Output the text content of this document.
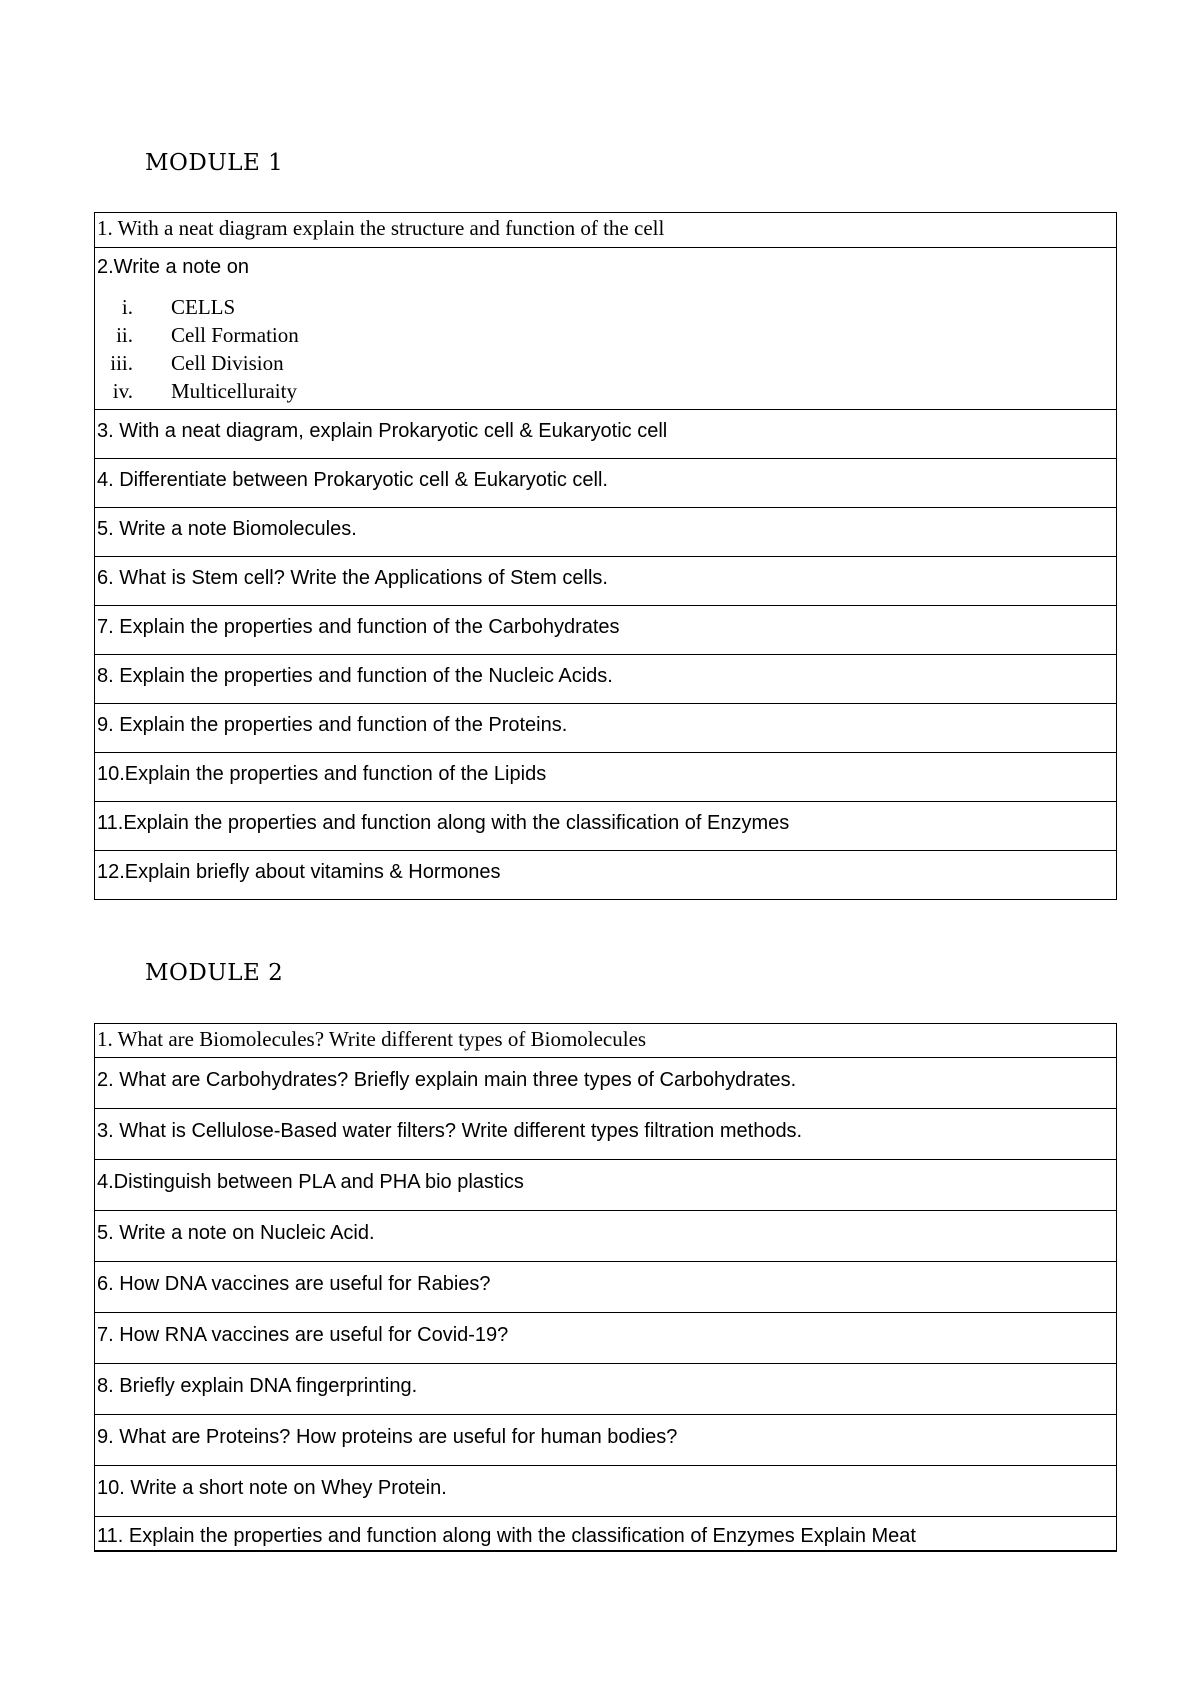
MODULE 1
1. With a neat diagram explain the structure and function of the cell

2.Write a note on
i.	CELLS
ii.	Cell Formation
iii.	Cell Division
iv.	Multicelluraity

3. With a neat diagram, explain Prokaryotic cell & Eukaryotic cell
4. Differentiate between Prokaryotic cell & Eukaryotic cell.
5. Write a note Biomolecules.
6. What is Stem cell? Write the Applications of Stem cells.
7. Explain the properties and function of the Carbohydrates
8. Explain the properties and function of the Nucleic Acids.
9. Explain the properties and function of the Proteins.
10.Explain the properties and function of the Lipids
11.Explain the properties and function along with the classification of Enzymes
12.Explain briefly about vitamins & Hormones
MODULE 2
1. What are Biomolecules? Write different types of Biomolecules
2. What are Carbohydrates? Briefly explain main three types of Carbohydrates.
3. What is Cellulose-Based water filters? Write different types filtration methods.
4.Distinguish between PLA and PHA bio plastics
5. Write a note on Nucleic Acid.
6. How DNA vaccines are useful for Rabies?
7. How RNA vaccines are useful for Covid-19?
8. Briefly explain DNA fingerprinting.
9. What are Proteins? How proteins are useful for human bodies?
10. Write a short note on Whey Protein.
11. Explain the properties and function along with the classification of Enzymes Explain Meat
